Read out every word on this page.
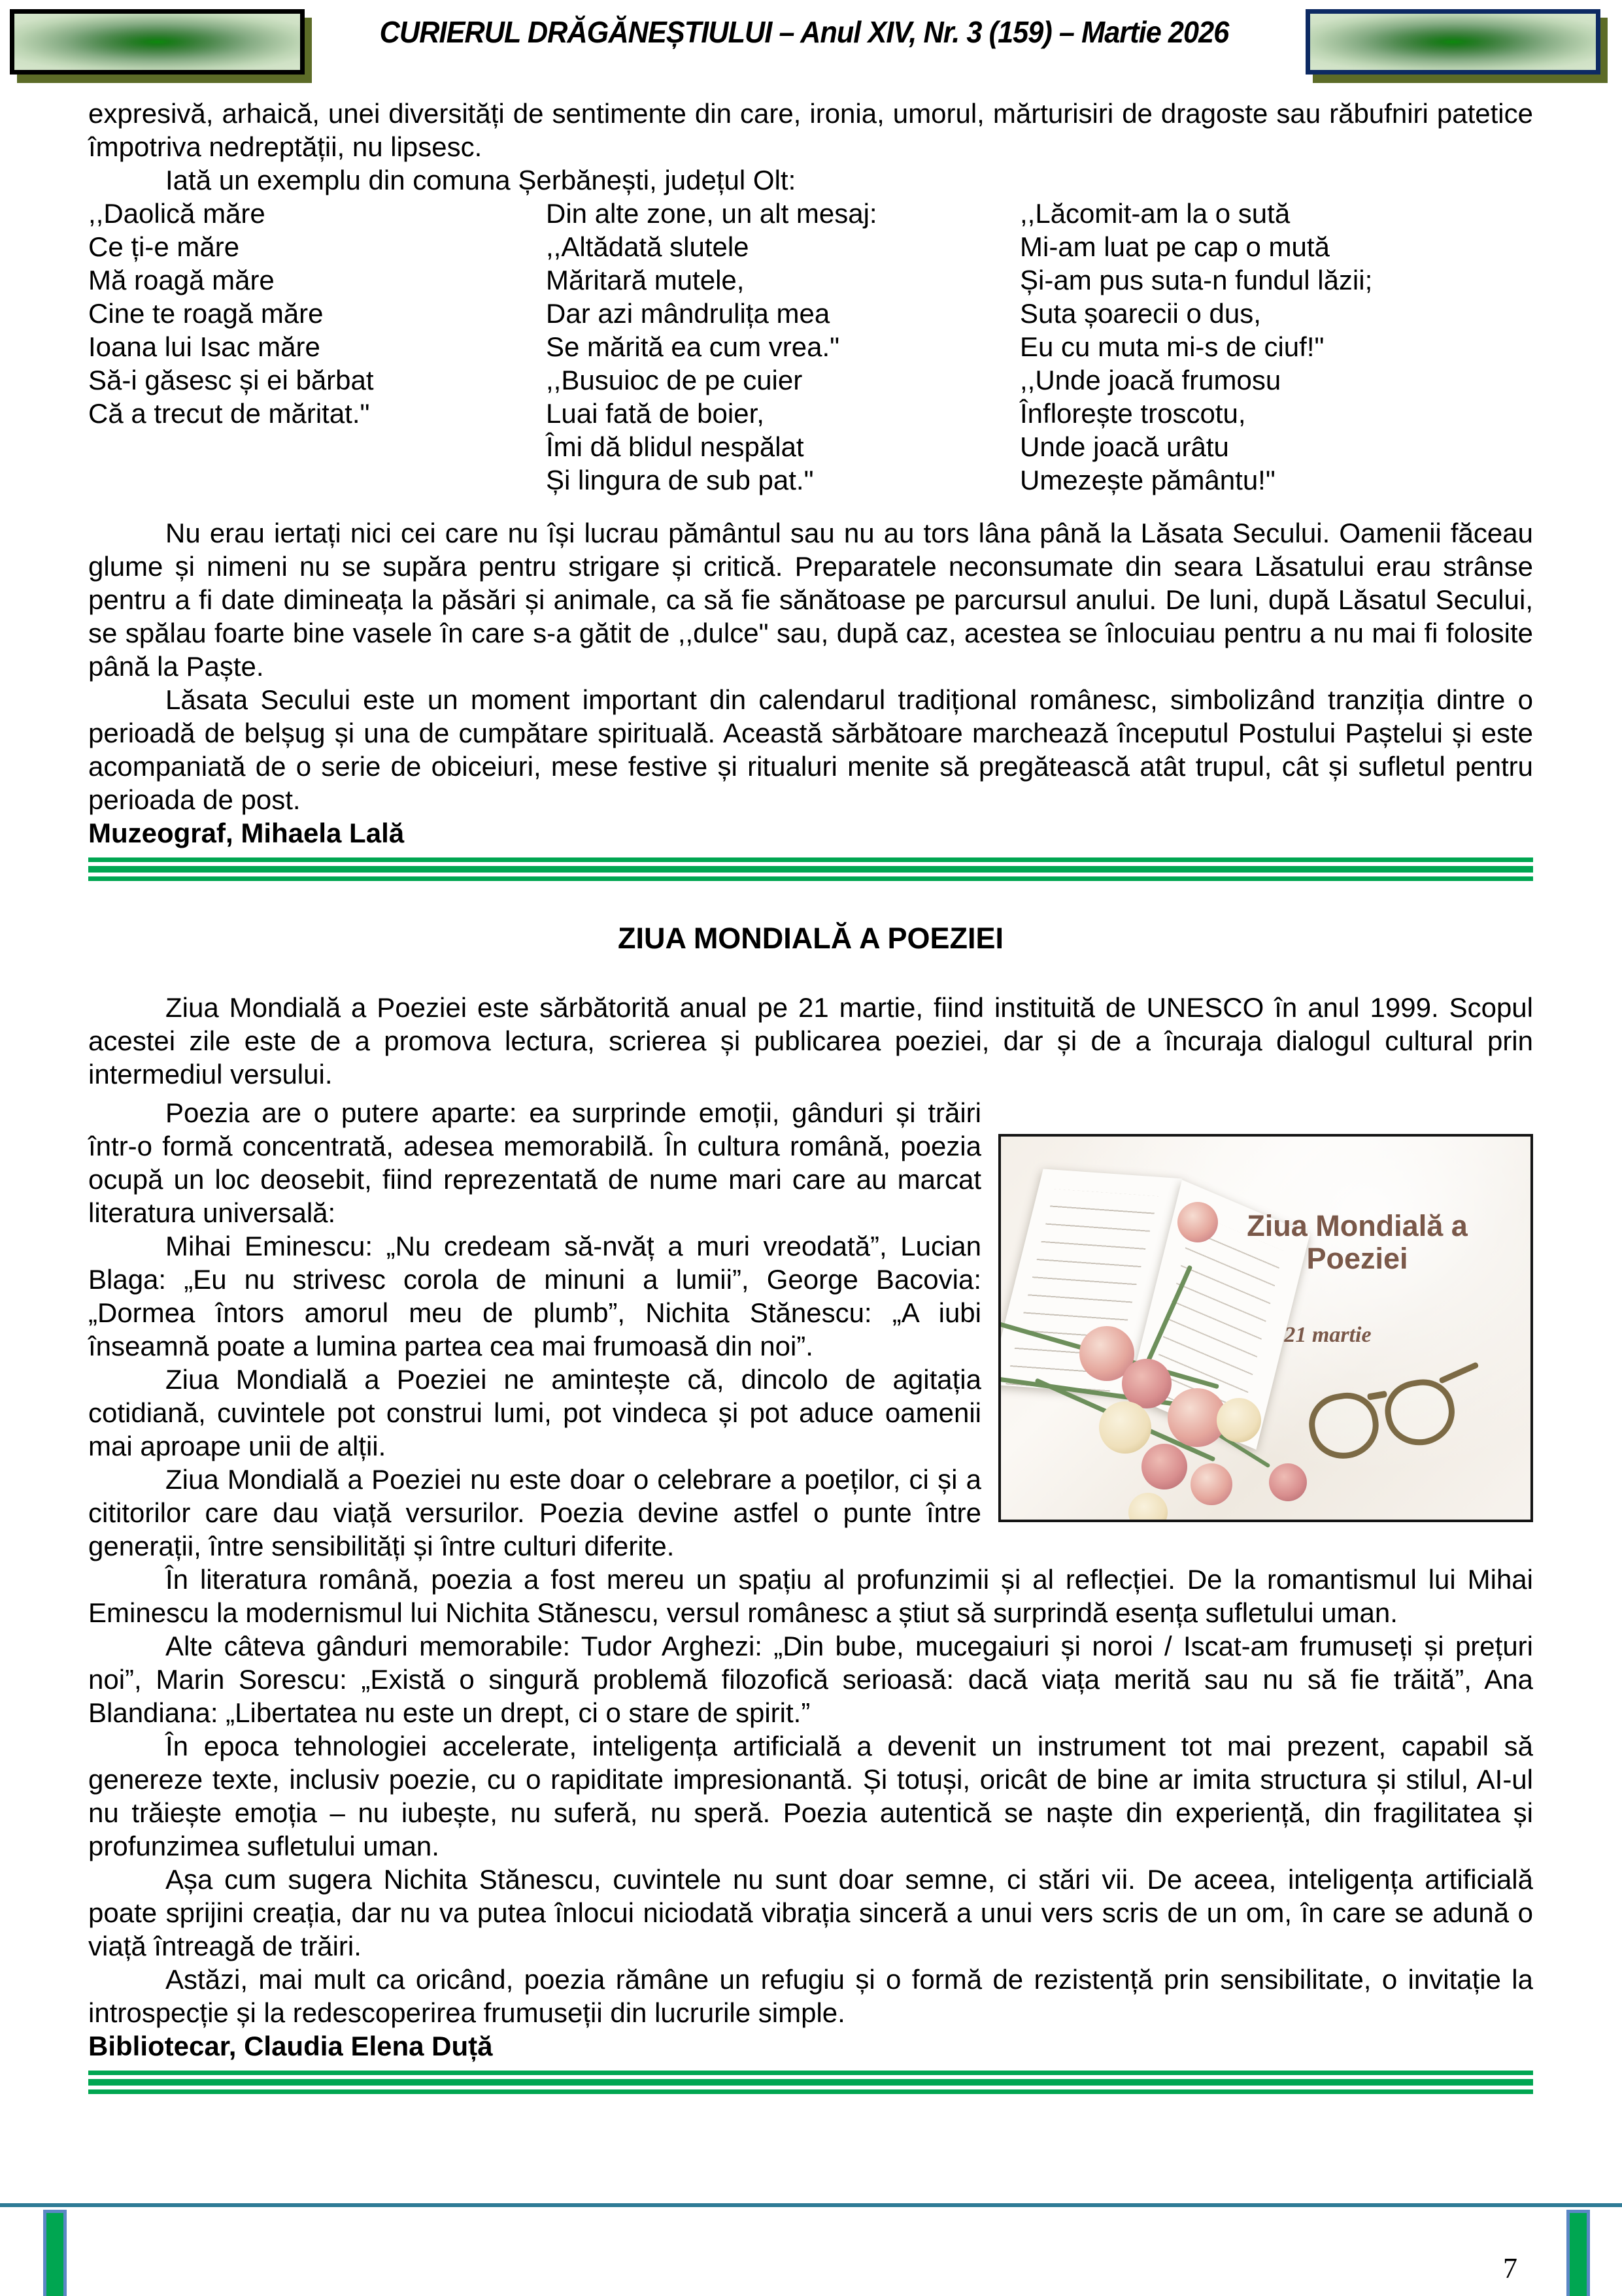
CURIERUL DRĂGĂNEȘTIULUI – Anul XIV, Nr. 3 (159) – Martie 2026

expresivă, arhaică, unei diversități de sentimente din care, ironia, umorul, mărturisiri de dragoste sau răbufniri patetice împotriva nedreptății, nu lipsesc.

Iată un exemplu din comuna Șerbănești, județul Olt:

,,Daolică măre
Ce ți-e măre
Mă roagă măre
Cine te roagă măre
Ioana lui Isac măre
Să-i găsesc și ei bărbat
Că a trecut de măritat."
Din alte zone, un alt mesaj:
,,Altădată slutele
Măritară mutele,
Dar azi mândrulița mea
Se mărită ea cum vrea."
,,Busuioc de pe cuier
Luai fată de boier,
Îmi dă blidul nespălat
Și lingura de sub pat."
,,Lăcomit-am la o sută
Mi-am luat pe cap o mută
Și-am pus suta-n fundul lăzii;
Suta șoarecii o dus,
Eu cu muta mi-s de ciuf!"
,,Unde joacă frumosu
Înflorește troscotu,
Unde joacă urâtu
Umezește pământu!"

Nu erau iertați nici cei care nu își lucrau pământul sau nu au tors lâna până la Lăsata Secului. Oamenii făceau glume și nimeni nu se supăra pentru strigare și critică. Preparatele neconsumate din seara Lăsatului erau strânse pentru a fi date dimineața la păsări și animale, ca să fie sănătoase pe parcursul anului. De luni, după Lăsatul Secului, se spălau foarte bine vasele în care s-a gătit de ,,dulce" sau, după caz, acestea se înlocuiau pentru a nu mai fi folosite până la Paște.

Lăsata Secului este un moment important din calendarul tradițional românesc, simbolizând tranziția dintre o perioadă de belșug și una de cumpătare spirituală. Această sărbătoare marchează începutul Postului Paștelui și este acompaniată de o serie de obiceiuri, mese festive și ritualuri menite să pregătească atât trupul, cât și sufletul pentru perioada de post.

Muzeograf, Mihaela Lală

ZIUA MONDIALĂ A POEZIEI

Ziua Mondială a Poeziei este sărbătorită anual pe 21 martie, fiind instituită de UNESCO în anul 1999. Scopul acestei zile este de a promova lectura, scrierea și publicarea poeziei, dar și de a încuraja dialogul cultural prin intermediul versului.

Ziua Mondială a Poeziei
21 martie

Poezia are o putere aparte: ea surprinde emoții, gânduri și trăiri într-o formă concentrată, adesea memorabilă. În cultura română, poezia ocupă un loc deosebit, fiind reprezentată de nume mari care au marcat literatura universală:

Mihai Eminescu: „Nu credeam să-nvăț a muri vreodată”, Lucian Blaga: „Eu nu strivesc corola de minuni a lumii”, George Bacovia: „Dormea întors amorul meu de plumb”, Nichita Stănescu: „A iubi înseamnă poate a lumina partea cea mai frumoasă din noi”.

Ziua Mondială a Poeziei ne amintește că, dincolo de agitația cotidiană, cuvintele pot construi lumi, pot vindeca și pot aduce oamenii mai aproape unii de alții.

Ziua Mondială a Poeziei nu este doar o celebrare a poeților, ci și a cititorilor care dau viață versurilor. Poezia devine astfel o punte între generații, între sensibilități și între culturi diferite.

În literatura română, poezia a fost mereu un spațiu al profunzimii și al reflecției. De la romantismul lui Mihai Eminescu la modernismul lui Nichita Stănescu, versul românesc a știut să surprindă esența sufletului uman.

Alte câteva gânduri memorabile: Tudor Arghezi: „Din bube, mucegaiuri și noroi / Iscat-am frumuseți și prețuri noi”, Marin Sorescu: „Există o singură problemă filozofică serioasă: dacă viața merită sau nu să fie trăită”, Ana Blandiana: „Libertatea nu este un drept, ci o stare de spirit.”

În epoca tehnologiei accelerate, inteligența artificială a devenit un instrument tot mai prezent, capabil să genereze texte, inclusiv poezie, cu o rapiditate impresionantă. Și totuși, oricât de bine ar imita structura și stilul, AI-ul nu trăiește emoția – nu iubește, nu suferă, nu speră. Poezia autentică se naște din experiență, din fragilitatea și profunzimea sufletului uman.

Așa cum sugera Nichita Stănescu, cuvintele nu sunt doar semne, ci stări vii. De aceea, inteligența artificială poate sprijini creația, dar nu va putea înlocui niciodată vibrația sinceră a unui vers scris de un om, în care se adună o viață întreagă de trăiri.

Astăzi, mai mult ca oricând, poezia rămâne un refugiu și o formă de rezistență prin sensibilitate, o invitație la introspecție și la redescoperirea frumuseții din lucrurile simple.

Bibliotecar, Claudia Elena Duță

7
